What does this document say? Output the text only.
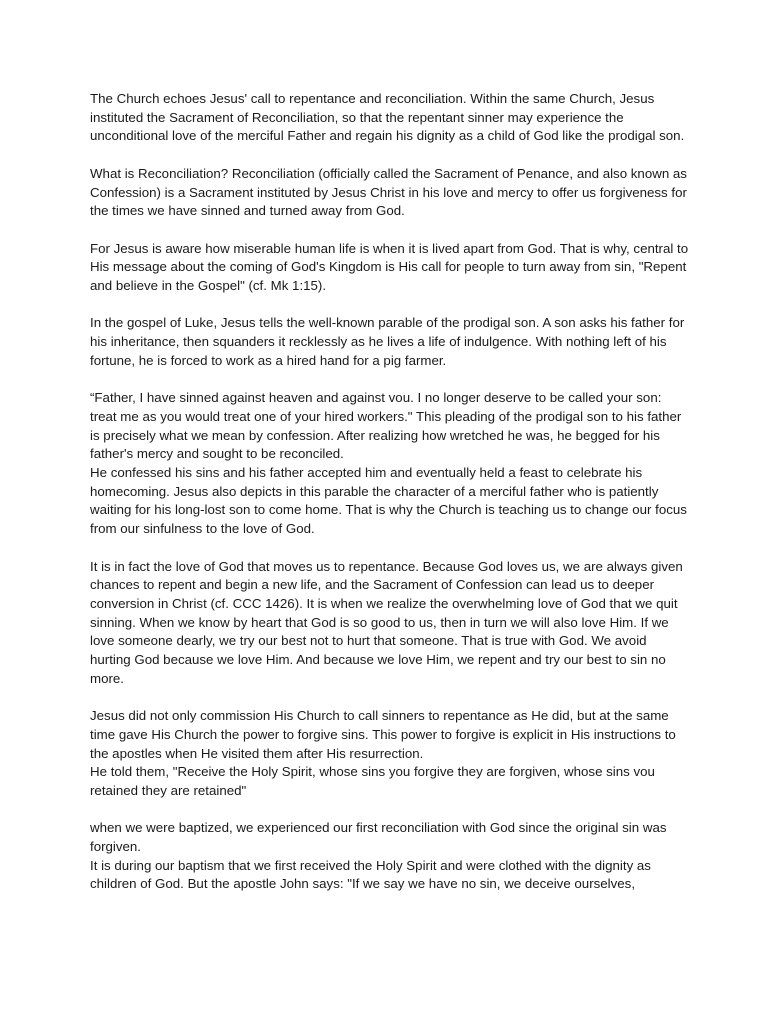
The Church echoes Jesus' call to repentance and reconciliation. Within the same Church, Jesus instituted the Sacrament of Reconciliation, so that the repentant sinner may experience the unconditional love of the merciful Father and regain his dignity as a child of God like the prodigal son.

What is Reconciliation? Reconciliation (officially called the Sacrament of Penance, and also known as Confession) is a Sacrament instituted by Jesus Christ in his love and mercy to offer us forgiveness for the times we have sinned and turned away from God.

For Jesus is aware how miserable human life is when it is lived apart from God. That is why, central to His message about the coming of God's Kingdom is His call for people to turn away from sin, "Repent and believe in the Gospel" (cf. Mk 1:15).

In the gospel of Luke, Jesus tells the well-known parable of the prodigal son. A son asks his father for his inheritance, then squanders it recklessly as he lives a life of indulgence. With nothing left of his fortune, he is forced to work as a hired hand for a pig farmer.

“Father, I have sinned against heaven and against vou. I no longer deserve to be called your son: treat me as you would treat one of your hired workers." This pleading of the prodigal son to his father is precisely what we mean by confession. After realizing how wretched he was, he begged for his father's mercy and sought to be reconciled.

He confessed his sins and his father accepted him and eventually held a feast to celebrate his homecoming. Jesus also depicts in this parable the character of a merciful father who is patiently waiting for his long-lost son to come home. That is why the Church is teaching us to change our focus from our sinfulness to the love of God.

It is in fact the love of God that moves us to repentance. Because God loves us, we are always given chances to repent and begin a new life, and the Sacrament of Confession can lead us to deeper conversion in Christ (cf. CCC 1426). It is when we realize the overwhelming love of God that we quit sinning. When we know by heart that God is so good to us, then in turn we will also love Him. If we love someone dearly, we try our best not to hurt that someone. That is true with God. We avoid hurting God because we love Him. And because we love Him, we repent and try our best to sin no more.

Jesus did not only commission His Church to call sinners to repentance as He did, but at the same time gave His Church the power to forgive sins. This power to forgive is explicit in His instructions to the apostles when He visited them after His resurrection.

He told them, "Receive the Holy Spirit, whose sins you forgive they are forgiven, whose sins vou retained they are retained"

when we were baptized, we experienced our first reconciliation with God since the original sin was forgiven.

It is during our baptism that we first received the Holy Spirit and were clothed with the dignity as children of God. But the apostle John says: "If we say we have no sin, we deceive ourselves,
